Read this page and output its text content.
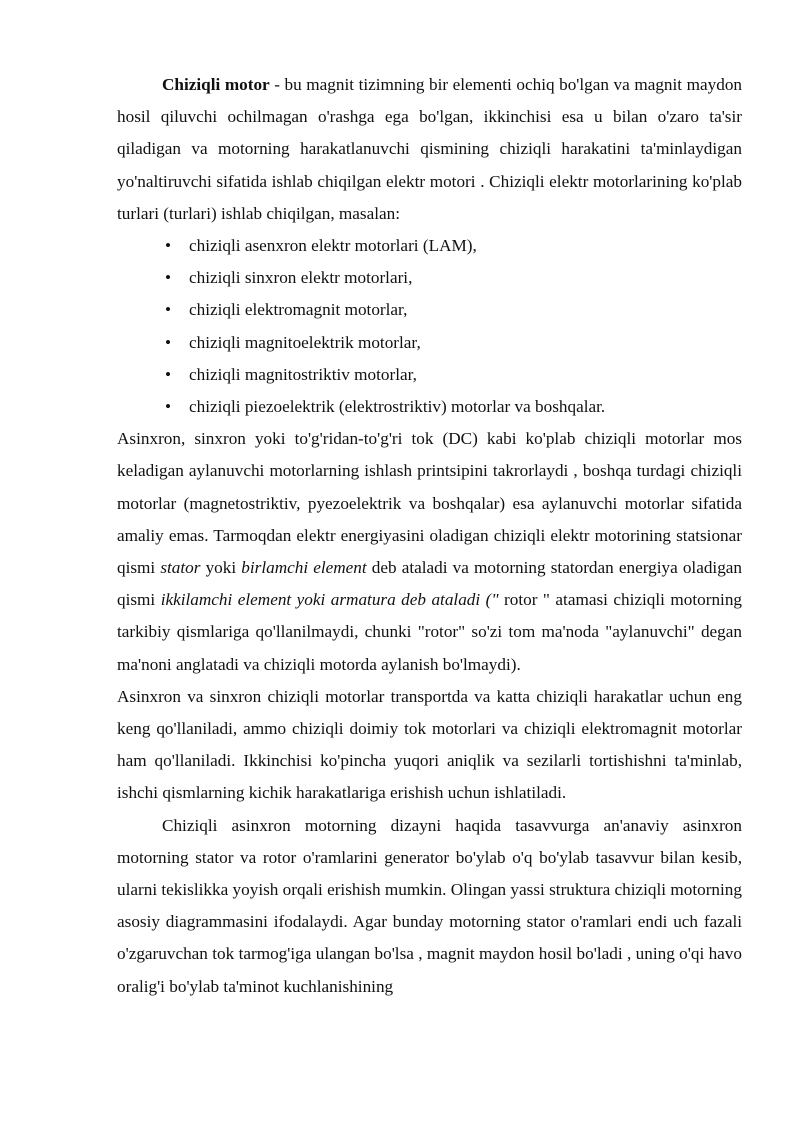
Chiziqli motor - bu magnit tizimning bir elementi ochiq bo'lgan va magnit maydon hosil qiluvchi ochilmagan o'rashga ega bo'lgan, ikkinchisi esa u bilan o'zaro ta'sir qiladigan va motorning harakatlanuvchi qismining chiziqli harakatini ta'minlaydigan yo'naltiruvchi sifatida ishlab chiqilgan elektr motori . Chiziqli elektr motorlarining ko'plab turlari (turlari) ishlab chiqilgan, masalan:

• chiziqli asenxron elektr motorlari (LAM),
• chiziqli sinxron elektr motorlari,
• chiziqli elektromagnit motorlar,
• chiziqli magnitoelektrik motorlar,
• chiziqli magnitostriktiv motorlar,
• chiziqli piezoelektrik (elektrostriktiv) motorlar va boshqalar.

Asinxron, sinxron yoki to'g'ridan-to'g'ri tok (DC) kabi ko'plab chiziqli motorlar mos keladigan aylanuvchi motorlarning ishlash printsipini takrorlaydi , boshqa turdagi chiziqli motorlar (magnetostriktiv, pyezoelektrik va boshqalar) esa aylanuvchi motorlar sifatida amaliy emas. Tarmoqdan elektr energiyasini oladigan chiziqli elektr motorining statsionar qismi stator yoki birlamchi element deb ataladi va motorning statordan energiya oladigan qismi ikkilamchi element yoki armatura deb ataladi (" rotor " atamasi chiziqli motorning tarkibiy qismlariga qo'llanilmaydi, chunki "rotor" so'zi tom ma'noda "aylanuvchi" degan ma'noni anglatadi va chiziqli motorda aylanish bo'lmaydi).

Asinxron va sinxron chiziqli motorlar transportda va katta chiziqli harakatlar uchun eng keng qo'llaniladi, ammo chiziqli doimiy tok motorlari va chiziqli elektromagnit motorlar ham qo'llaniladi. Ikkinchisi ko'pincha yuqori aniqlik va sezilarli tortishishni ta'minlab, ishchi qismlarning kichik harakatlariga erishish uchun ishlatiladi.

Chiziqli asinxron motorning dizayni haqida tasavvurga an'anaviy asinxron motorning stator va rotor o'ramlarini generator bo'ylab o'q bo'ylab tasavvur bilan kesib, ularni tekislikka yoyish orqali erishish mumkin. Olingan yassi struktura chiziqli motorning asosiy diagrammasini ifodalaydi. Agar bunday motorning stator o'ramlari endi uch fazali o'zgaruvchan tok tarmog'iga ulangan bo'lsa , magnit maydon hosil bo'ladi , uning o'qi havo oralig'i bo'ylab ta'minot kuchlanishining
